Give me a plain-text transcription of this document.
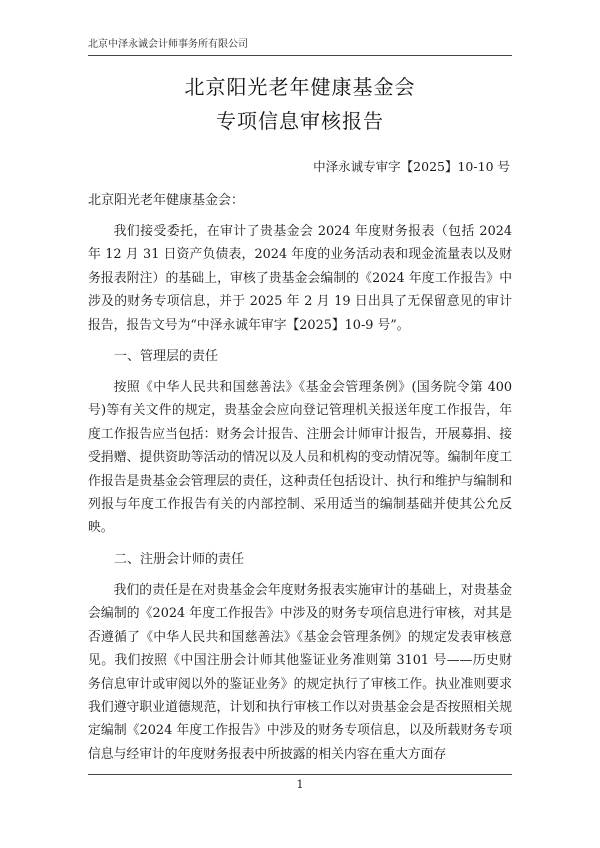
北京中泽永诚会计师事务所有限公司
北京阳光老年健康基金会
专项信息审核报告
中泽永诚专审字【2025】10-10 号
北京阳光老年健康基金会：

我们接受委托，在审计了贵基金会 2024 年度财务报表（包括 2024 年 12 月 31 日资产负债表，2024 年度的业务活动表和现金流量表以及财务报表附注）的基础上，审核了贵基金会编制的《2024 年度工作报告》中涉及的财务专项信息，并于 2025 年 2 月 19 日出具了无保留意见的审计报告，报告文号为“中泽永诚年审字【2025】10-9 号”。

一、管理层的责任

按照《中华人民共和国慈善法》《基金会管理条例》(国务院令第 400 号)等有关文件的规定，贵基金会应向登记管理机关报送年度工作报告，年度工作报告应当包括：财务会计报告、注册会计师审计报告，开展募捐、接受捐赠、提供资助等活动的情况以及人员和机构的变动情况等。编制年度工作报告是贵基金会管理层的责任，这种责任包括设计、执行和维护与编制和列报与年度工作报告有关的内部控制、采用适当的编制基础并使其公允反映。

二、注册会计师的责任

我们的责任是在对贵基金会年度财务报表实施审计的基础上，对贵基金会编制的《2024 年度工作报告》中涉及的财务专项信息进行审核，对其是否遵循了《中华人民共和国慈善法》《基金会管理条例》的规定发表审核意见。我们按照《中国注册会计师其他鉴证业务准则第 3101 号——历史财务信息审计或审阅以外的鉴证业务》的规定执行了审核工作。执业准则要求我们遵守职业道德规范，计划和执行审核工作以对贵基金会是否按照相关规定编制《2024 年度工作报告》中涉及的财务专项信息，以及所载财务专项信息与经审计的年度财务报表中所披露的相关内容在重大方面存

1
